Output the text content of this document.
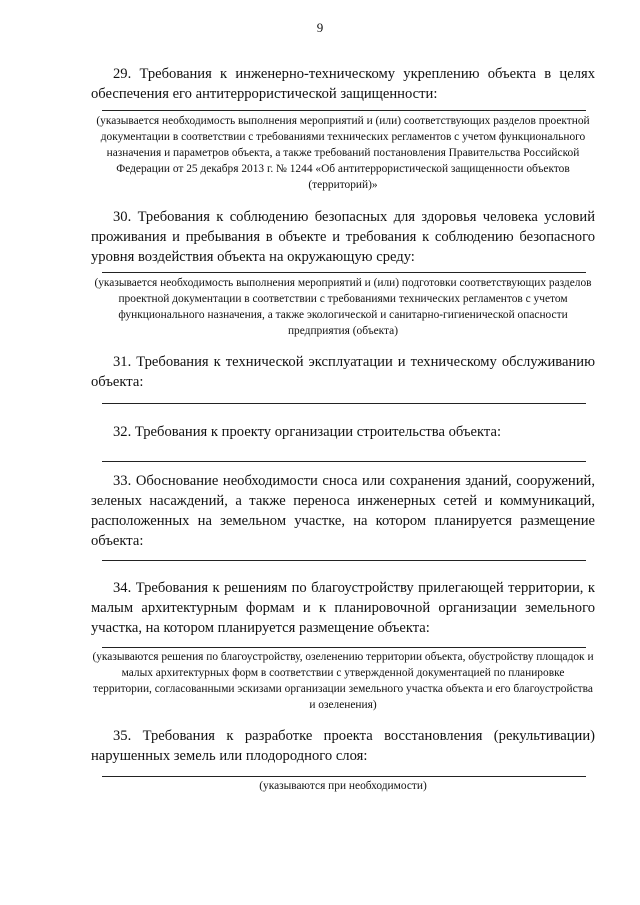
9

29. Требования к инженерно-техническому укреплению объекта в целях обеспечения его антитеррористической защищенности:

(указывается необходимость выполнения мероприятий и (или) соответствующих разделов проектной документации в соответствии с требованиями технических регламентов с учетом функционального назначения и параметров объекта, а также требований постановления Правительства Российской Федерации от 25 декабря 2013 г. № 1244 «Об антитеррористической защищенности объектов (территорий)»

30. Требования к соблюдению безопасных для здоровья человека условий проживания и пребывания в объекте и требования к соблюдению безопасного уровня воздействия объекта на окружающую среду:

(указывается необходимость выполнения мероприятий и (или) подготовки соответствующих разделов проектной документации в соответствии с требованиями технических регламентов с учетом функционального назначения, а также экологической и санитарно-гигиенической опасности предприятия (объекта)

31. Требования к технической эксплуатации и техническому обслуживанию объекта:

32. Требования к проекту организации строительства объекта:

33. Обоснование необходимости сноса или сохранения зданий, сооружений, зеленых насаждений, а также переноса инженерных сетей и коммуникаций, расположенных на земельном участке, на котором планируется размещение объекта:

34. Требования к решениям по благоустройству прилегающей территории, к малым архитектурным формам и к планировочной организации земельного участка, на котором планируется размещение объекта:

(указываются решения по благоустройству, озеленению территории объекта, обустройству площадок и малых архитектурных форм в соответствии с утвержденной документацией по планировке территории, согласованными эскизами организации земельного участка объекта и его благоустройства и озеленения)

35. Требования к разработке проекта восстановления (рекультивации) нарушенных земель или плодородного слоя:

(указываются при необходимости)
